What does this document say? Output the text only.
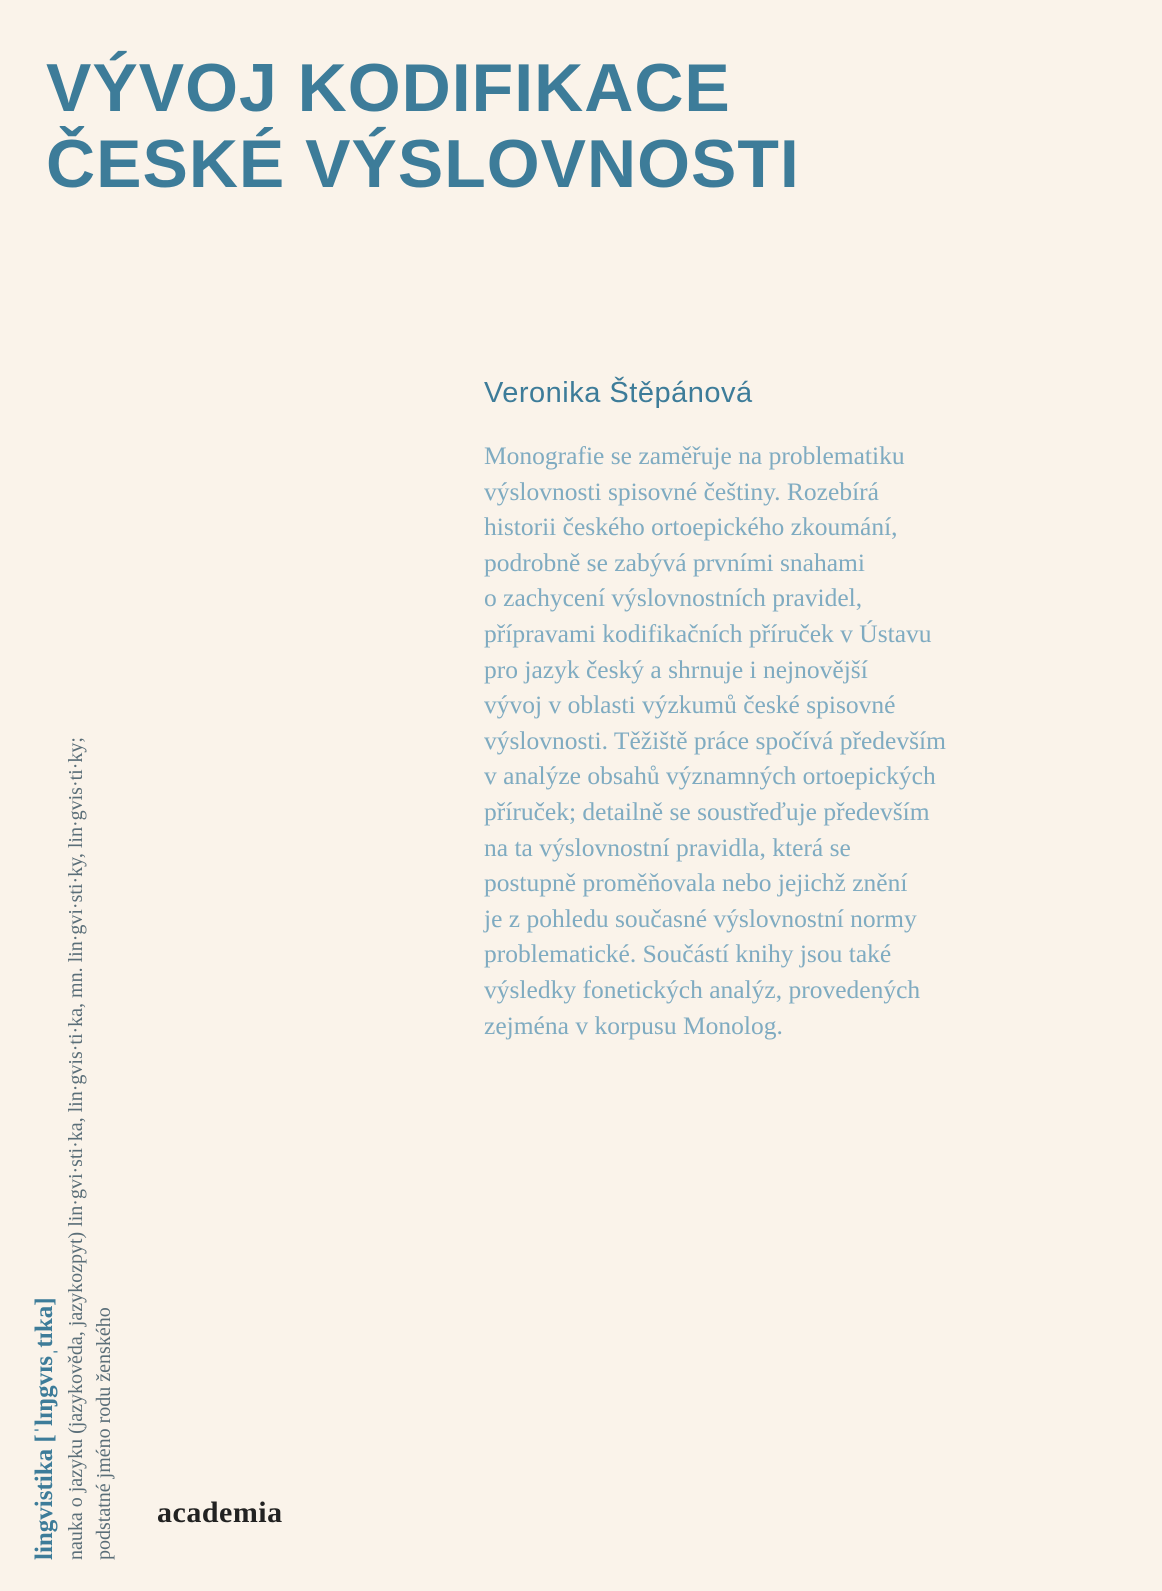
VÝVOJ KODIFIKACE
ČESKÉ VÝSLOVNOSTI
Veronika Štěpánová
Monografie se zaměřuje na problematiku
výslovnosti spisovné češtiny. Rozebírá
historii českého ortoepického zkoumání,
podrobně se zabývá prvními snahami
o zachycení výslovnostních pravidel,
přípravami kodifikačních příruček v Ústavu
pro jazyk český a shrnuje i nejnovější
vývoj v oblasti výzkumů české spisovné
výslovnosti. Těžiště práce spočívá především
v analýze obsahů významných ortoepických
příruček; detailně se soustřeďuje především
na ta výslovnostní pravidla, která se
postupně proměňovala nebo jejichž znění
je z pohledu současné výslovnostní normy
problematické. Součástí knihy jsou také
výsledky fonetických analýz, provedených
zejména v korpusu Monolog.
lingvistika [ˈlɪŋgvɪsˌtɪka] nauka o jazyku (jazykověda, jazykozpyt) lin·gvi·sti·ka, lin·gvis·ti·ka, mn. lin·gvi·sti·ky, lin·gvis·ti·ky; podstatné jméno rodu ženského academia
